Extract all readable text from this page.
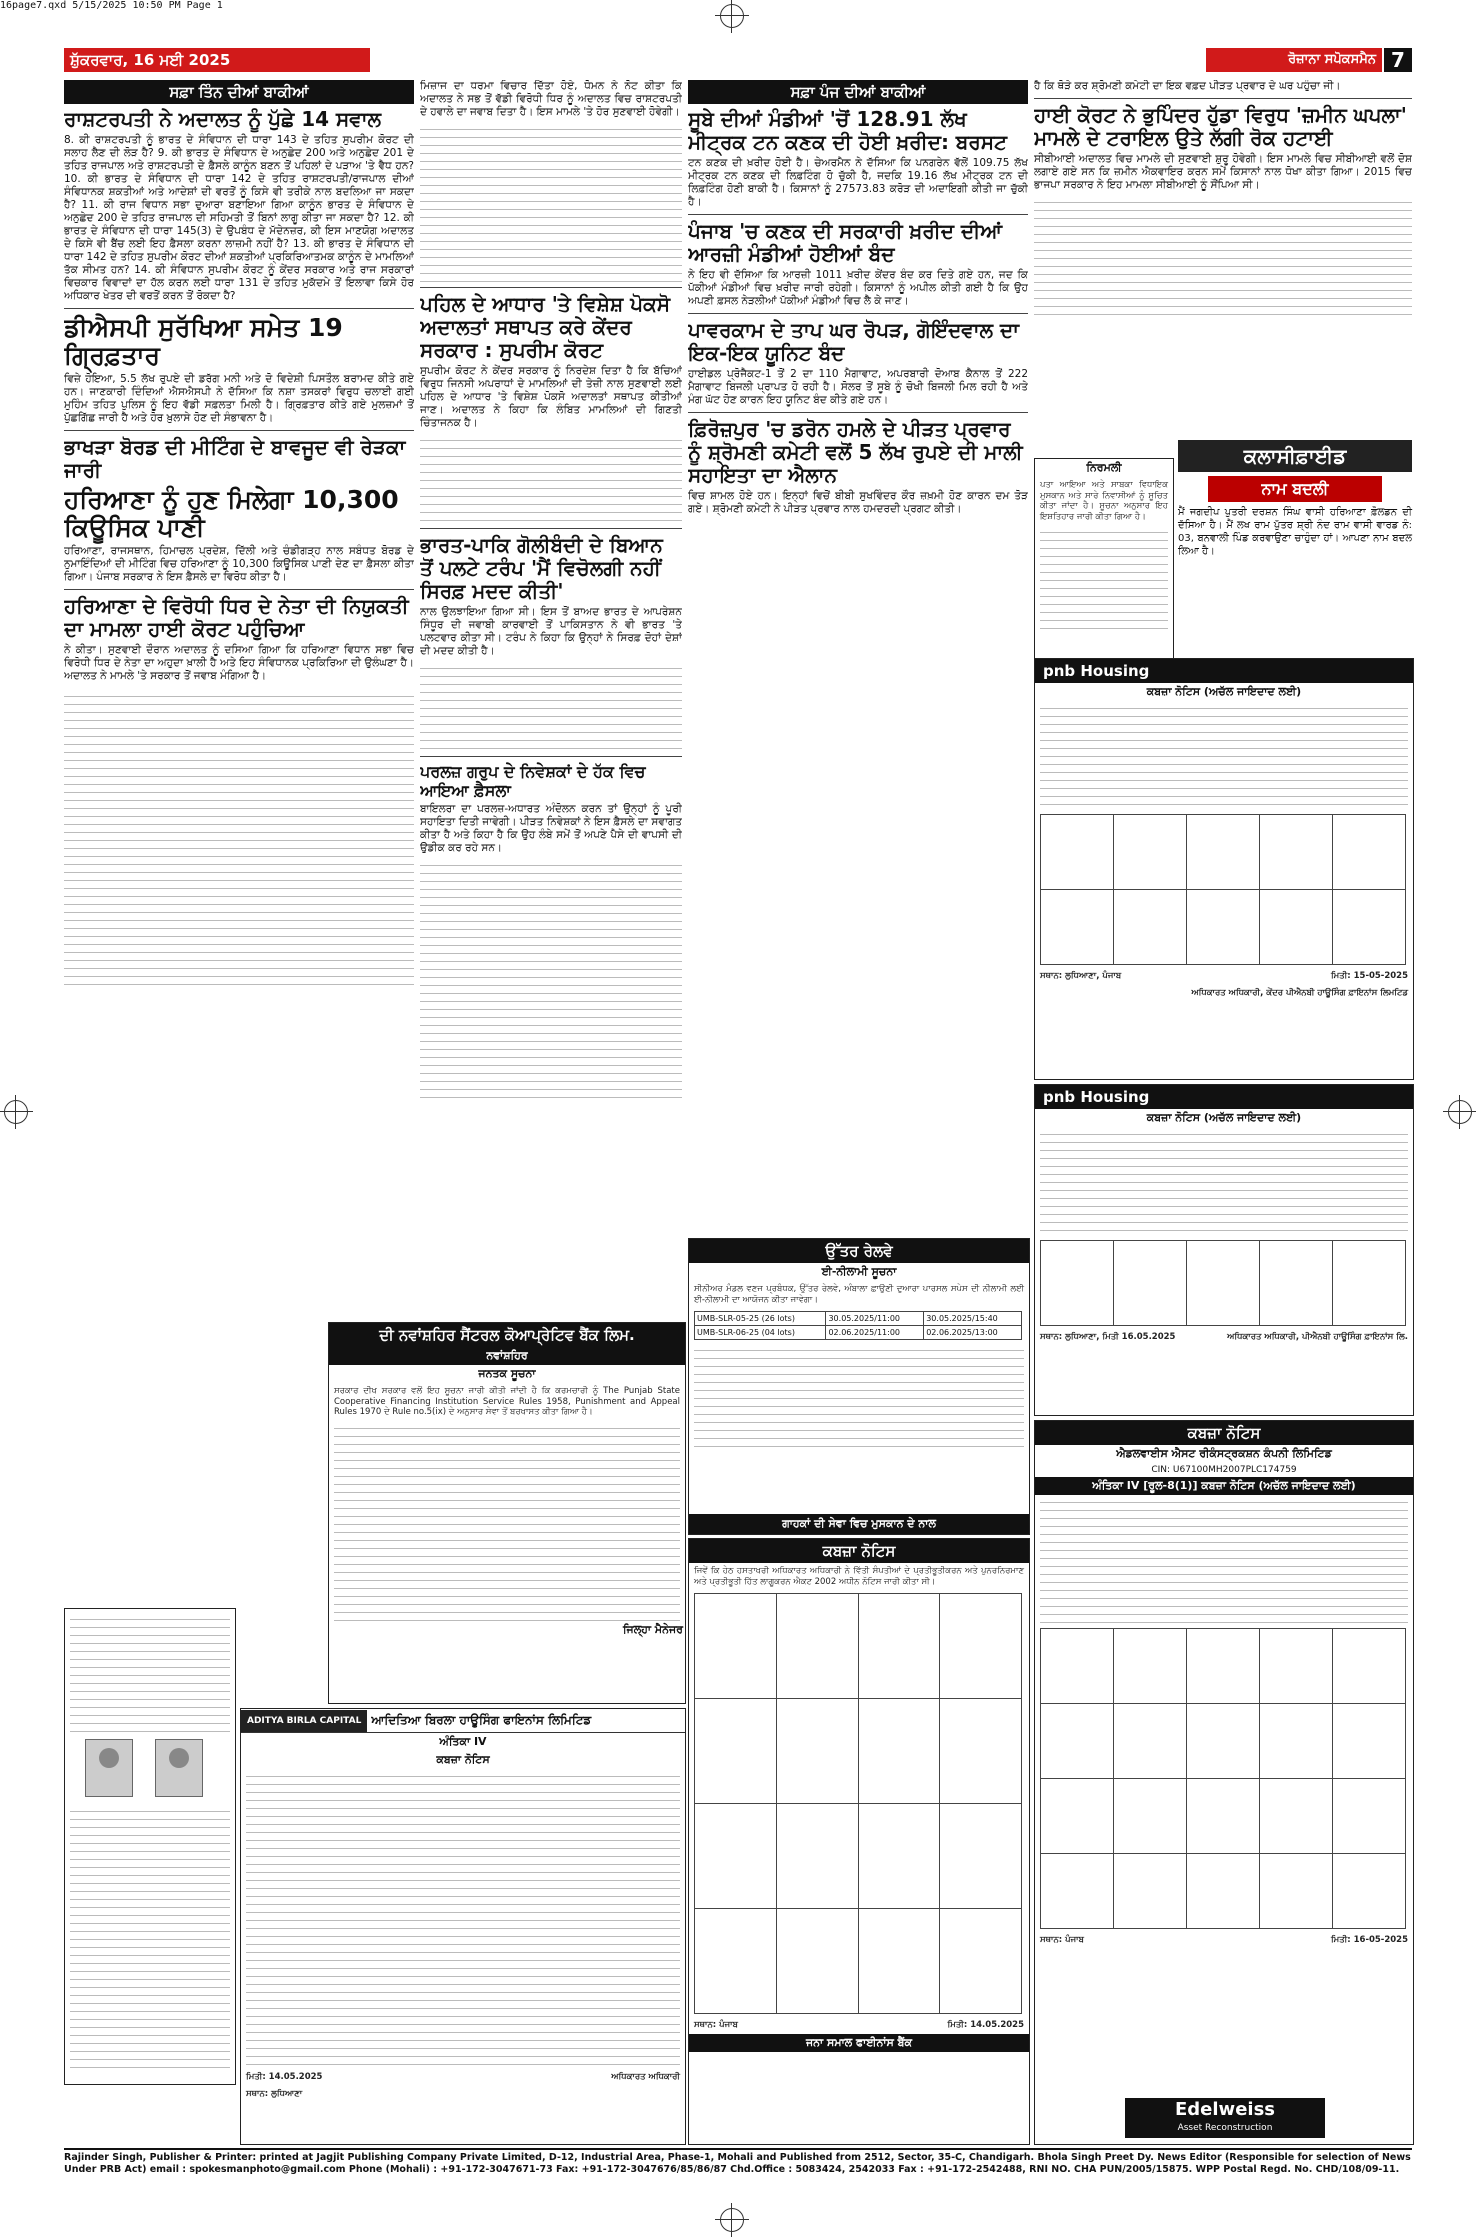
16page7.qxd 5/15/2025 10:50 PM Page 1
ਸ਼ੁੱਕਰਵਾਰ, 16 ਮਈ 2025	ਰੋਜ਼ਾਨਾ ਸਪੋਕਸਮੈਨ 7
ਸਫ਼ਾ ਤਿੰਨ ਦੀਆਂ ਬਾਕੀਆਂ
ਰਾਸ਼ਟਰਪਤੀ ਨੇ ਅਦਾਲਤ ਨੂੰ ਪੁੱਛੇ 14 ਸਵਾਲ

8. ਕੀ ਰਾਸ਼ਟਰਪਤੀ ਨੂੰ ਭਾਰਤ ਦੇ ਸੰਵਿਧਾਨ ਦੀ ਧਾਰਾ 143 ਦੇ ਤਹਿਤ ਸੁਪਰੀਮ ਕੋਰਟ ਦੀ ਸਲਾਹ ਲੈਣ ਦੀ ਲੋੜ ਹੈ? 9. ਕੀ ਭਾਰਤ ਦੇ ਸੰਵਿਧਾਨ ਦੇ ਅਨੁਛੇਦ 200 ਅਤੇ ਅਨੁਛੇਦ 201 ਦੇ ਤਹਿਤ ਰਾਜਪਾਲ ਅਤੇ ਰਾਸ਼ਟਰਪਤੀ ਦੇ ਫ਼ੈਸਲੇ ਕਾਨੂੰਨ ਬਣਨ ਤੋਂ ਪਹਿਲਾਂ ਦੇ ਪੜਾਅ 'ਤੇ ਵੈਧ ਹਨ? 10. ਕੀ ਭਾਰਤ ਦੇ ਸੰਵਿਧਾਨ ਦੀ ਧਾਰਾ 142 ਦੇ ਤਹਿਤ ਰਾਸ਼ਟਰਪਤੀ/ਰਾਜਪਾਲ ਦੀਆਂ ਸੰਵਿਧਾਨਕ ਸ਼ਕਤੀਆਂ ਅਤੇ ਆਦੇਸ਼ਾਂ ਦੀ ਵਰਤੋਂ ਨੂੰ ਕਿਸੇ ਵੀ ਤਰੀਕੇ ਨਾਲ ਬਦਲਿਆ ਜਾ ਸਕਦਾ ਹੈ? 11. ਕੀ ਰਾਜ ਵਿਧਾਨ ਸਭਾ ਦੁਆਰਾ ਬਣਾਇਆ ਗਿਆ ਕਾਨੂੰਨ ਭਾਰਤ ਦੇ ਸੰਵਿਧਾਨ ਦੇ ਅਨੁਛੇਦ 200 ਦੇ ਤਹਿਤ ਰਾਜਪਾਲ ਦੀ ਸਹਿਮਤੀ ਤੋਂ ਬਿਨਾਂ ਲਾਗੂ ਕੀਤਾ ਜਾ ਸਕਦਾ ਹੈ? 12. ਕੀ ਭਾਰਤ ਦੇ ਸੰਵਿਧਾਨ ਦੀ ਧਾਰਾ 145(3) ਦੇ ਉਪਬੰਧ ਦੇ ਮੱਦੇਨਜ਼ਰ, ਕੀ ਇਸ ਮਾਣਯੋਗ ਅਦਾਲਤ ਦੇ ਕਿਸੇ ਵੀ ਬੈਂਚ ਲਈ ਇਹ ਫ਼ੈਸਲਾ ਕਰਨਾ ਲਾਜ਼ਮੀ ਨਹੀਂ ਹੈ? 13. ਕੀ ਭਾਰਤ ਦੇ ਸੰਵਿਧਾਨ ਦੀ ਧਾਰਾ 142 ਦੇ ਤਹਿਤ ਸੁਪਰੀਮ ਕੋਰਟ ਦੀਆਂ ਸ਼ਕਤੀਆਂ ਪ੍ਰਕਿਰਿਆਤਮਕ ਕਾਨੂੰਨ ਦੇ ਮਾਮਲਿਆਂ ਤੱਕ ਸੀਮਤ ਹਨ? 14. ਕੀ ਸੰਵਿਧਾਨ ਸੁਪਰੀਮ ਕੋਰਟ ਨੂੰ ਕੇਂਦਰ ਸਰਕਾਰ ਅਤੇ ਰਾਜ ਸਰਕਾਰਾਂ ਵਿਚਕਾਰ ਵਿਵਾਦਾਂ ਦਾ ਹੱਲ ਕਰਨ ਲਈ ਧਾਰਾ 131 ਦੇ ਤਹਿਤ ਮੁਕੱਦਮੇ ਤੋਂ ਇਲਾਵਾ ਕਿਸੇ ਹੋਰ ਅਧਿਕਾਰ ਖੇਤਰ ਦੀ ਵਰਤੋਂ ਕਰਨ ਤੋਂ ਰੋਕਦਾ ਹੈ?

ਡੀਐਸਪੀ ਸੁਰੱਖਿਆ ਸਮੇਤ 19 ਗ੍ਰਿਫ਼ਤਾਰ

ਵਿਜ਼ੇ ਹੋਇਆ, 5.5 ਲੱਖ ਰੁਪਏ ਦੀ ਡਰੱਗ ਮਨੀ ਅਤੇ ਦੋ ਵਿਦੇਸ਼ੀ ਪਿਸਤੌਲ ਬਰਾਮਦ ਕੀਤੇ ਗਏ ਹਨ। ਜਾਣਕਾਰੀ ਦਿੰਦਿਆਂ ਐਸਐਸਪੀ ਨੇ ਦੱਸਿਆ ਕਿ ਨਸ਼ਾ ਤਸਕਰਾਂ ਵਿਰੁਧ ਚਲਾਈ ਗਈ ਮੁਹਿੰਮ ਤਹਿਤ ਪੁਲਿਸ ਨੂੰ ਇਹ ਵੱਡੀ ਸਫ਼ਲਤਾ ਮਿਲੀ ਹੈ। ਗ੍ਰਿਫ਼ਤਾਰ ਕੀਤੇ ਗਏ ਮੁਲਜ਼ਮਾਂ ਤੋਂ ਪੁੱਛਗਿੱਛ ਜਾਰੀ ਹੈ ਅਤੇ ਹੋਰ ਖ਼ੁਲਾਸੇ ਹੋਣ ਦੀ ਸੰਭਾਵਨਾ ਹੈ।

ਭਾਖੜਾ ਬੋਰਡ ਦੀ ਮੀਟਿੰਗ ਦੇ ਬਾਵਜੂਦ ਵੀ ਰੇੜਕਾ ਜਾਰੀ
ਹਰਿਆਣਾ ਨੂੰ ਹੁਣ ਮਿਲੇਗਾ 10,300 ਕਿਊਸਿਕ ਪਾਣੀ

ਹਰਿਆਣਾ, ਰਾਜਸਥਾਨ, ਹਿਮਾਚਲ ਪ੍ਰਦੇਸ਼, ਦਿੱਲੀ ਅਤੇ ਚੰਡੀਗੜ੍ਹ ਨਾਲ ਸਬੰਧਤ ਬੋਰਡ ਦੇ ਨੁਮਾਇੰਦਿਆਂ ਦੀ ਮੀਟਿੰਗ ਵਿਚ ਹਰਿਆਣਾ ਨੂੰ 10,300 ਕਿਊਸਿਕ ਪਾਣੀ ਦੇਣ ਦਾ ਫ਼ੈਸਲਾ ਕੀਤਾ ਗਿਆ। ਪੰਜਾਬ ਸਰਕਾਰ ਨੇ ਇਸ ਫ਼ੈਸਲੇ ਦਾ ਵਿਰੋਧ ਕੀਤਾ ਹੈ।

ਹਰਿਆਣਾ ਦੇ ਵਿਰੋਧੀ ਧਿਰ ਦੇ ਨੇਤਾ ਦੀ ਨਿਯੁਕਤੀ ਦਾ ਮਾਮਲਾ ਹਾਈ ਕੋਰਟ ਪਹੁੰਚਿਆ

ਨੇ ਕੀਤਾ। ਸੁਣਵਾਈ ਦੌਰਾਨ ਅਦਾਲਤ ਨੂੰ ਦਸਿਆ ਗਿਆ ਕਿ ਹਰਿਆਣਾ ਵਿਧਾਨ ਸਭਾ ਵਿਚ ਵਿਰੋਧੀ ਧਿਰ ਦੇ ਨੇਤਾ ਦਾ ਅਹੁਦਾ ਖ਼ਾਲੀ ਹੈ ਅਤੇ ਇਹ ਸੰਵਿਧਾਨਕ ਪ੍ਰਕਿਰਿਆ ਦੀ ਉਲੰਘਣਾ ਹੈ। ਅਦਾਲਤ ਨੇ ਮਾਮਲੇ 'ਤੇ ਸਰਕਾਰ ਤੋਂ ਜਵਾਬ ਮੰਗਿਆ ਹੈ।

ਮਿਜ਼ਾਜ ਦਾ ਧਰਮਾ ਵਿਚਾਰ ਦਿੱਤਾ ਹੋਏ, ਧੋਮਨ ਨੇ ਨੋਟ ਕੀਤਾ ਕਿ ਅਦਾਲਤ ਨੇ ਸਭ ਤੋਂ ਵੱਡੀ ਵਿਰੋਧੀ ਧਿਰ ਨੂੰ ਅਦਾਲਤ ਵਿਚ ਰਾਸ਼ਟਰਪਤੀ ਦੇ ਹਵਾਲੇ ਦਾ ਜਵਾਬ ਦਿਤਾ ਹੈ। ਇਸ ਮਾਮਲੇ 'ਤੇ ਹੋਰ ਸੁਣਵਾਈ ਹੋਵੇਗੀ।

ਪਹਿਲ ਦੇ ਆਧਾਰ 'ਤੇ ਵਿਸ਼ੇਸ਼ ਪੋਕਸੋ ਅਦਾਲਤਾਂ ਸਥਾਪਤ ਕਰੇ ਕੇਂਦਰ ਸਰਕਾਰ : ਸੁਪਰੀਮ ਕੋਰਟ

ਸੁਪਰੀਮ ਕੋਰਟ ਨੇ ਕੇਂਦਰ ਸਰਕਾਰ ਨੂੰ ਨਿਰਦੇਸ਼ ਦਿਤਾ ਹੈ ਕਿ ਬੱਚਿਆਂ ਵਿਰੁਧ ਜਿਨਸੀ ਅਪਰਾਧਾਂ ਦੇ ਮਾਮਲਿਆਂ ਦੀ ਤੇਜ਼ੀ ਨਾਲ ਸੁਣਵਾਈ ਲਈ ਪਹਿਲ ਦੇ ਆਧਾਰ 'ਤੇ ਵਿਸ਼ੇਸ਼ ਪੋਕਸੋ ਅਦਾਲਤਾਂ ਸਥਾਪਤ ਕੀਤੀਆਂ ਜਾਣ। ਅਦਾਲਤ ਨੇ ਕਿਹਾ ਕਿ ਲੰਬਿਤ ਮਾਮਲਿਆਂ ਦੀ ਗਿਣਤੀ ਚਿੰਤਾਜਨਕ ਹੈ।

ਭਾਰਤ-ਪਾਕਿ ਗੋਲੀਬੰਦੀ ਦੇ ਬਿਆਨ ਤੋਂ ਪਲਟੇ ਟਰੰਪ 'ਮੈਂ ਵਿਚੋਲਗੀ ਨਹੀਂ ਸਿਰਫ਼ ਮਦਦ ਕੀਤੀ'

ਨਾਲ ਉਲਝਾਇਆ ਗਿਆ ਸੀ। ਇਸ ਤੋਂ ਬਾਅਦ ਭਾਰਤ ਦੇ ਆਪਰੇਸ਼ਨ ਸਿੰਧੂਰ ਦੀ ਜਵਾਬੀ ਕਾਰਵਾਈ ਤੋਂ ਪਾਕਿਸਤਾਨ ਨੇ ਵੀ ਭਾਰਤ 'ਤੇ ਪਲਟਵਾਰ ਕੀਤਾ ਸੀ। ਟਰੰਪ ਨੇ ਕਿਹਾ ਕਿ ਉਨ੍ਹਾਂ ਨੇ ਸਿਰਫ਼ ਦੋਹਾਂ ਦੇਸ਼ਾਂ ਦੀ ਮਦਦ ਕੀਤੀ ਹੈ।

ਪਰਲਜ਼ ਗਰੁਪ ਦੇ ਨਿਵੇਸ਼ਕਾਂ ਦੇ ਹੱਕ ਵਿਚ ਆਇਆ ਫ਼ੈਸਲਾ

ਬਾਇਲਰਾ ਦਾ ਪਰਲਜ਼-ਅਧਾਰਤ ਅੰਦੋਲਨ ਕਰਨ ਤਾਂ ਉਨ੍ਹਾਂ ਨੂੰ ਪੂਰੀ ਸਹਾਇਤਾ ਦਿਤੀ ਜਾਵੇਗੀ। ਪੀੜਤ ਨਿਵੇਸ਼ਕਾਂ ਨੇ ਇਸ ਫ਼ੈਸਲੇ ਦਾ ਸਵਾਗਤ ਕੀਤਾ ਹੈ ਅਤੇ ਕਿਹਾ ਹੈ ਕਿ ਉਹ ਲੰਬੇ ਸਮੇਂ ਤੋਂ ਅਪਣੇ ਪੈਸੇ ਦੀ ਵਾਪਸੀ ਦੀ ਉਡੀਕ ਕਰ ਰਹੇ ਸਨ।

ਸਫ਼ਾ ਪੰਜ ਦੀਆਂ ਬਾਕੀਆਂ
ਸੂਬੇ ਦੀਆਂ ਮੰਡੀਆਂ 'ਚੋਂ 128.91 ਲੱਖ ਮੀਟ੍ਰਕ ਟਨ ਕਣਕ ਦੀ ਹੋਈ ਖ਼ਰੀਦ: ਬਰਸਟ

ਟਨ ਕਣਕ ਦੀ ਖ਼ਰੀਦ ਹੋਈ ਹੈ। ਚੇਅਰਮੈਨ ਨੇ ਦੱਸਿਆ ਕਿ ਪਨਗਰੇਨ ਵੱਲੋਂ 109.75 ਲੱਖ ਮੀਟ੍ਰਕ ਟਨ ਕਣਕ ਦੀ ਲਿਫ਼ਟਿੰਗ ਹੋ ਚੁੱਕੀ ਹੈ, ਜਦਕਿ 19.16 ਲੱਖ ਮੀਟ੍ਰਕ ਟਨ ਦੀ ਲਿਫ਼ਟਿੰਗ ਹੋਣੀ ਬਾਕੀ ਹੈ। ਕਿਸਾਨਾਂ ਨੂੰ 27573.83 ਕਰੋੜ ਦੀ ਅਦਾਇਗੀ ਕੀਤੀ ਜਾ ਚੁੱਕੀ ਹੈ।

ਪੰਜਾਬ 'ਚ ਕਣਕ ਦੀ ਸਰਕਾਰੀ ਖ਼ਰੀਦ ਦੀਆਂ ਆਰਜ਼ੀ ਮੰਡੀਆਂ ਹੋਈਆਂ ਬੰਦ

ਨੇ ਇਹ ਵੀ ਦੱਸਿਆ ਕਿ ਆਰਜ਼ੀ 1011 ਖ਼ਰੀਦ ਕੇਂਦਰ ਬੰਦ ਕਰ ਦਿਤੇ ਗਏ ਹਨ, ਜਦ ਕਿ ਪੱਕੀਆਂ ਮੰਡੀਆਂ ਵਿਚ ਖ਼ਰੀਦ ਜਾਰੀ ਰਹੇਗੀ। ਕਿਸਾਨਾਂ ਨੂੰ ਅਪੀਲ ਕੀਤੀ ਗਈ ਹੈ ਕਿ ਉਹ ਅਪਣੀ ਫ਼ਸਲ ਨੇੜਲੀਆਂ ਪੱਕੀਆਂ ਮੰਡੀਆਂ ਵਿਚ ਲੈ ਕੇ ਜਾਣ।

ਪਾਵਰਕਾਮ ਦੇ ਤਾਪ ਘਰ ਰੋਪੜ, ਗੋਇੰਦਵਾਲ ਦਾ ਇਕ-ਇਕ ਯੂਨਿਟ ਬੰਦ

ਹਾਈਡਲ ਪ੍ਰੋਜੈਕਟ-1 ਤੋਂ 2 ਦਾ 110 ਮੈਗਾਵਾਟ, ਅਪਰਬਾਰੀ ਦੋਆਬ ਕੈਨਾਲ ਤੋਂ 222 ਮੈਗਾਵਾਟ ਬਿਜਲੀ ਪ੍ਰਾਪਤ ਹੋ ਰਹੀ ਹੈ। ਸੋਲਰ ਤੋਂ ਸੂਬੇ ਨੂੰ ਚੋਖੀ ਬਿਜਲੀ ਮਿਲ ਰਹੀ ਹੈ ਅਤੇ ਮੰਗ ਘੱਟ ਹੋਣ ਕਾਰਨ ਇਹ ਯੂਨਿਟ ਬੰਦ ਕੀਤੇ ਗਏ ਹਨ।

ਫ਼ਿਰੋਜ਼ਪੁਰ 'ਚ ਡਰੋਨ ਹਮਲੇ ਦੇ ਪੀੜਤ ਪ੍ਰਵਾਰ ਨੂੰ ਸ਼੍ਰੋਮਣੀ ਕਮੇਟੀ ਵਲੋਂ 5 ਲੱਖ ਰੁਪਏ ਦੀ ਮਾਲੀ ਸਹਾਇਤਾ ਦਾ ਐਲਾਨ

ਵਿਚ ਸ਼ਾਮਲ ਹੋਏ ਹਨ। ਇਨ੍ਹਾਂ ਵਿਚੋਂ ਬੀਬੀ ਸੁਖਵਿੰਦਰ ਕੌਰ ਜ਼ਖ਼ਮੀ ਹੋਣ ਕਾਰਨ ਦਮ ਤੋੜ ਗਏ। ਸ਼੍ਰੋਮਣੀ ਕਮੇਟੀ ਨੇ ਪੀੜਤ ਪ੍ਰਵਾਰ ਨਾਲ ਹਮਦਰਦੀ ਪ੍ਰਗਟ ਕੀਤੀ।

ਹੈ ਕਿ ਥੋੜੇ ਕਰ ਸ਼੍ਰੋਮਣੀ ਕਮੇਟੀ ਦਾ ਇਕ ਵਫ਼ਦ ਪੀੜਤ ਪ੍ਰਵਾਰ ਦੇ ਘਰ ਪਹੁੰਚਾ ਜੀ।

ਹਾਈ ਕੋਰਟ ਨੇ ਭੁਪਿੰਦਰ ਹੁੱਡਾ ਵਿਰੁਧ 'ਜ਼ਮੀਨ ਘਪਲਾ' ਮਾਮਲੇ ਦੇ ਟਰਾਇਲ ਉਤੇ ਲੱਗੀ ਰੋਕ ਹਟਾਈ

ਸੀਬੀਆਈ ਅਦਾਲਤ ਵਿਚ ਮਾਮਲੇ ਦੀ ਸੁਣਵਾਈ ਸ਼ੁਰੂ ਹੋਵੇਗੀ। ਇਸ ਮਾਮਲੇ ਵਿਚ ਸੀਬੀਆਈ ਵਲੋਂ ਦੋਸ਼ ਲਗਾਏ ਗਏ ਸਨ ਕਿ ਜ਼ਮੀਨ ਐਕਵਾਇਰ ਕਰਨ ਸਮੇਂ ਕਿਸਾਨਾਂ ਨਾਲ ਧੋਖਾ ਕੀਤਾ ਗਿਆ। 2015 ਵਿਚ ਭਾਜਪਾ ਸਰਕਾਰ ਨੇ ਇਹ ਮਾਮਲਾ ਸੀਬੀਆਈ ਨੂੰ ਸੌਂਪਿਆ ਸੀ।

ਨਿਰਮਲੀ
ਪਤਾ ਆਇਆ ਅਤੇ ਸਾਬਕਾ ਵਿਧਾਇਕ ਮੁਸਕਾਨ ਅਤੇ ਸਾਰੇ ਨਿਵਾਸੀਆਂ ਨੂੰ ਸੂਚਿਤ ਕੀਤਾ ਜਾਂਦਾ ਹੈ। ਸੂਚਨਾ ਅਨੁਸਾਰ ਇਹ ਇਸ਼ਤਿਹਾਰ ਜਾਰੀ ਕੀਤਾ ਗਿਆ ਹੈ।
ਕਲਾਸੀਫ਼ਾਈਡ
ਨਾਮ ਬਦਲੀ

ਮੈਂ ਜਗਦੀਪ ਪੁਤਰੀ ਦਰਸ਼ਨ ਸਿੰਘ ਵਾਸੀ ਹਰਿਆਣਾ ਫ਼ੋਲਡਨ ਦੀ ਦੱਸਿਆ ਹੈ। ਮੈਂ ਲਖ ਰਾਮ ਪੁੱਤਰ ਸ਼੍ਰੀ ਨੰਦ ਰਾਮ ਵਾਸੀ ਵਾਰਡ ਨੰ: 03, ਬਨਵਾਲੀ ਪਿੰਡ ਕਰਵਾਉਣਾ ਚਾਹੁੰਦਾ ਹਾਂ। ਆਪਣਾ ਨਾਮ ਬਦਲ ਲਿਆ ਹੈ।

ਉੱਤਰ ਰੇਲਵੇ
ਈ-ਨੀਲਾਮੀ ਸੂਚਨਾ
ਸੀਨੀਅਰ ਮੰਡਲ ਵਣਜ ਪ੍ਰਬੰਧਕ, ਉੱਤਰ ਰੇਲਵੇ, ਅੰਬਾਲਾ ਛਾਉਣੀ ਦੁਆਰਾ ਪਾਰਸਲ ਸਪੇਸ ਦੀ ਨੀਲਾਮੀ ਲਈ ਈ-ਨੀਲਾਮੀ ਦਾ ਆਯੋਜਨ ਕੀਤਾ ਜਾਵੇਗਾ।
UMB-SLR-05-25 (26 lots)	30.05.2025/11:00	30.05.2025/15:40
UMB-SLR-06-25 (04 lots)	02.06.2025/11:00	02.06.2025/13:00
ਗਾਹਕਾਂ ਦੀ ਸੇਵਾ ਵਿਚ ਮੁਸਕਾਨ ਦੇ ਨਾਲ
ਦੀ ਨਵਾਂਸ਼ਹਿਰ ਸੈਂਟਰਲ ਕੋਆਪ੍ਰੇਟਿਵ ਬੈਂਕ ਲਿਮ.
ਨਵਾਂਸ਼ਹਿਰ
ਜਨਤਕ ਸੂਚਨਾ
ਸਰਕਾਰ ਦੀਖ ਸਰਕਾਰ ਵਲੋਂ ਇਹ ਸੂਚਨਾ ਜਾਰੀ ਕੀਤੀ ਜਾਂਦੀ ਹੈ ਕਿ ਕਰਮਚਾਰੀ ਨੂੰ The Punjab State Cooperative Financing Institution Service Rules 1958, Punishment and Appeal Rules 1970 ਦੇ Rule no.5(ix) ਦੇ ਅਨੁਸਾਰ ਸੇਵਾ ਤੋਂ ਬਰਖਾਸਤ ਕੀਤਾ ਗਿਆ ਹੈ।
ਜਿਲ੍ਹਾ ਮੈਨੇਜਰ
ADITYA BIRLA CAPITAL ਆਦਿਤਿਆ ਬਿਰਲਾ ਹਾਊਸਿੰਗ ਫਾਇਨਾਂਸ ਲਿਮਿਟਿਡ
ਅੰਤਿਕਾ IV
ਕਬਜ਼ਾ ਨੋਟਿਸ
ਮਿਤੀ: 14.05.2025	ਅਧਿਕਾਰਤ ਅਧਿਕਾਰੀ
ਸਥਾਨ: ਲੁਧਿਆਣਾ
ਕਬਜ਼ਾ ਨੋਟਿਸ
ਜਿਵੇਂ ਕਿ ਹੇਠ ਹਸਤਾਖਰੀ ਅਧਿਕਾਰਤ ਅਧਿਕਾਰੀ ਨੇ ਵਿੱਤੀ ਸੰਪਤੀਆਂ ਦੇ ਪ੍ਰਤੀਭੂਤੀਕਰਨ ਅਤੇ ਪੁਨਰਨਿਰਮਾਣ ਅਤੇ ਪ੍ਰਤੀਭੂਤੀ ਹਿੱਤ ਲਾਗੂਕਰਨ ਐਕਟ 2002 ਅਧੀਨ ਨੋਟਿਸ ਜਾਰੀ ਕੀਤਾ ਸੀ।

ਸਥਾਨ: ਪੰਜਾਬ	ਮਿਤੀ: 14.05.2025
ਜਨਾ ਸਮਾਲ ਫਾਈਨਾਂਸ ਬੈਂਕ
pnb Housing
ਕਬਜ਼ਾ ਨੋਟਿਸ (ਅਚੱਲ ਜਾਇਦਾਦ ਲਈ)

ਸਥਾਨ: ਲੁਧਿਆਣਾ, ਪੰਜਾਬ	ਮਿਤੀ: 15-05-2025
ਅਧਿਕਾਰਤ ਅਧਿਕਾਰੀ, ਕੇਂਦਰ ਪੀਐਨਬੀ ਹਾਊਸਿੰਗ ਫ਼ਾਇਨਾਂਸ ਲਿਮਟਿਡ
pnb Housing
ਕਬਜ਼ਾ ਨੋਟਿਸ (ਅਚੱਲ ਜਾਇਦਾਦ ਲਈ)

ਸਥਾਨ: ਲੁਧਿਆਣਾ, ਮਿਤੀ 16.05.2025	ਅਧਿਕਾਰਤ ਅਧਿਕਾਰੀ, ਪੀਐਨਬੀ ਹਾਊਸਿੰਗ ਫ਼ਾਇਨਾਂਸ ਲਿ.
ਕਬਜ਼ਾ ਨੋਟਿਸ
ਐਡਲਵਾਈਸ ਐਸਟ ਰੀਕੰਸਟ੍ਰਕਸ਼ਨ ਕੰਪਨੀ ਲਿਮਿਟਿਡ
CIN: U67100MH2007PLC174759
ਅੰਤਿਕਾ IV [ਰੂਲ-8(1)] ਕਬਜ਼ਾ ਨੋਟਿਸ (ਅਚੱਲ ਜਾਇਦਾਦ ਲਈ)

ਸਥਾਨ: ਪੰਜਾਬ	ਮਿਤੀ: 16-05-2025
Edelweiss
Asset Reconstruction
Rajinder Singh, Publisher & Printer: printed at Jagjit Publishing Company Private Limited, D-12, Industrial Area, Phase-1, Mohali and Published from 2512, Sector, 35-C, Chandigarh. Bhola Singh Preet Dy. News Editor (Responsible for selection of News Under PRB Act) email : spokesmanphoto@gmail.com Phone (Mohali) : +91-172-3047671-73 Fax: +91-172-3047676/85/86/87 Chd.Office : 5083424, 2542033 Fax : +91-172-2542488, RNI NO. CHA PUN/2005/15875. WPP Postal Regd. No. CHD/108/09-11.
